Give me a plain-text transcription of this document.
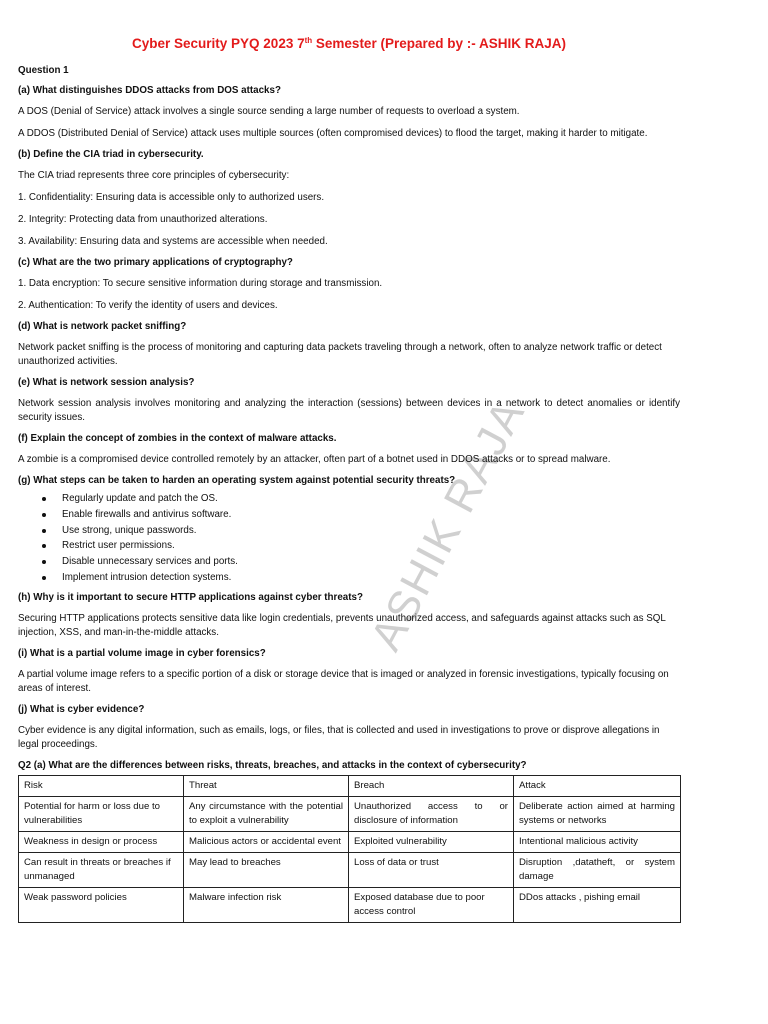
ASHIK RAJA
Cyber Security PYQ 2023 7th Semester (Prepared by :- ASHIK RAJA)
Question 1
(a) What distinguishes DDOS attacks from DOS attacks?
A DOS (Denial of Service) attack involves a single source sending a large number of requests to overload a system.
A DDOS (Distributed Denial of Service) attack uses multiple sources (often compromised devices) to flood the target, making it harder to mitigate.
(b) Define the CIA triad in cybersecurity.
The CIA triad represents three core principles of cybersecurity:
1. Confidentiality: Ensuring data is accessible only to authorized users.
2. Integrity: Protecting data from unauthorized alterations.
3. Availability: Ensuring data and systems are accessible when needed.
(c) What are the two primary applications of cryptography?
1. Data encryption: To secure sensitive information during storage and transmission.
2. Authentication: To verify the identity of users and devices.
(d) What is network packet sniffing?
Network packet sniffing is the process of monitoring and capturing data packets traveling through a network, often to analyze network traffic or detect unauthorized activities.
(e) What is network session analysis?
Network session analysis involves monitoring and analyzing the interaction (sessions) between devices in a network to detect anomalies or identify security issues.
(f) Explain the concept of zombies in the context of malware attacks.
A zombie is a compromised device controlled remotely by an attacker, often part of a botnet used in DDOS attacks or to spread malware.
(g) What steps can be taken to harden an operating system against potential security threats?
Regularly update and patch the OS.
Enable firewalls and antivirus software.
Use strong, unique passwords.
Restrict user permissions.
Disable unnecessary services and ports.
Implement intrusion detection systems.
(h) Why is it important to secure HTTP applications against cyber threats?
Securing HTTP applications protects sensitive data like login credentials, prevents unauthorized access, and safeguards against attacks such as SQL injection, XSS, and man-in-the-middle attacks.
(i) What is a partial volume image in cyber forensics?
A partial volume image refers to a specific portion of a disk or storage device that is imaged or analyzed in forensic investigations, typically focusing on areas of interest.
(j) What is cyber evidence?
Cyber evidence is any digital information, such as emails, logs, or files, that is collected and used in investigations to prove or disprove allegations in legal proceedings.
Q2 (a) What are the differences between risks, threats, breaches, and attacks in the context of cybersecurity?
Risk	Threat	Breach	Attack
Potential for harm or loss due to vulnerabilities	Any circumstance with the potential to exploit a vulnerability	Unauthorized access to or disclosure of information	Deliberate action aimed at harming systems or networks
Weakness in design or process	Malicious actors or accidental event	Exploited vulnerability	Intentional malicious activity
Can result in threats or breaches if unmanaged	May lead to breaches	Loss of data or trust	Disruption ,datatheft, or system damage
Weak password policies	Malware infection risk	Exposed database due to poor access control	DDos attacks , pishing email
